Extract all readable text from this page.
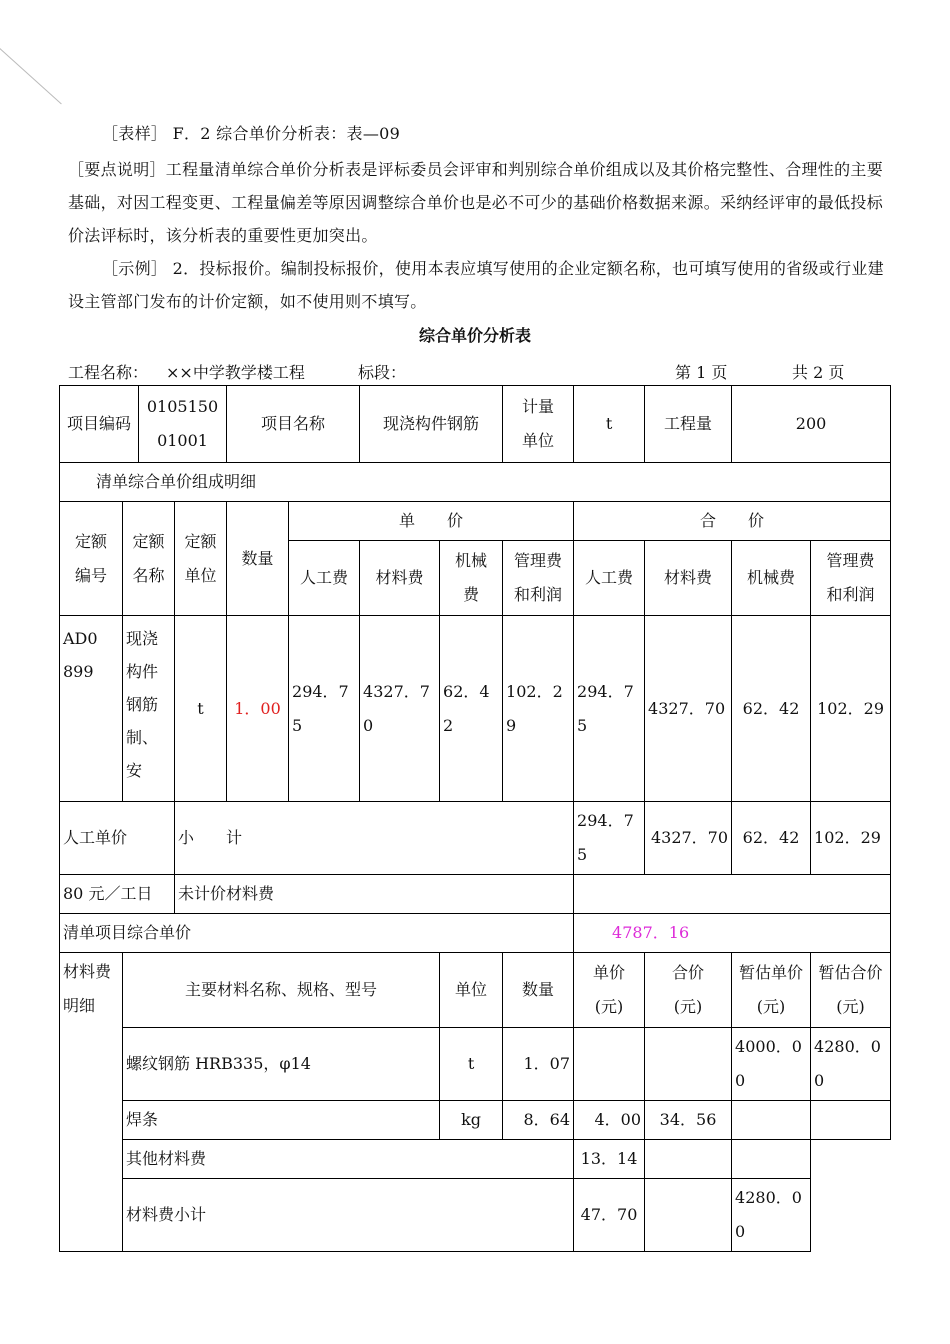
［表样］ F．2 综合单价分析表：表—09
［要点说明］工程量清单综合单价分析表是评标委员会评审和判别综合单价组成以及其价格完整性、合理性的主要基础，对因工程变更、工程量偏差等原因调整综合单价也是必不可少的基础价格数据来源。采纳经评审的最低投标价法评标时，该分析表的重要性更加突出。
［示例］ 2．投标报价。编制投标报价，使用本表应填写使用的企业定额名称，也可填写使用的省级或行业建设主管部门发布的计价定额，如不使用则不填写。
综合单价分析表
工程名称： ××中学教学楼工程	标段：	第 1 页	共 2 页
项目编码		010515001001		项目名称		现浇构件钢筋		计量单位	t	工程量	200	
清单综合单价组成明细												
定额编号	定额名称		定额单位	数量	单　　价				合　　价			
					人工费	材料费	机械费	管理费和利润	人工费	材料费	机械费	管理费和利润
AD0899	现浇构件钢筋制、安		t	1．00	294．75	4327．70	62．42	102．29	294．75	4327．70	62．42	102．29
人工单价			小　　计						294．75	4327．70	62．42	102．29
80 元／工日			未计价材料费									
清单项目综合单价									4787．16			
材料费明细	主要材料名称、规格、型号						单位	数量	单价(元)	合价(元)	暂估单价(元)	暂估合价(元)
	螺纹钢筋 HRB335，φ14						t	1．07			4000．00	4280．00
	焊条						kg	8．64	4．00	34．56		
	其他材料费								13．14			
	材料费小计								47．70		4280．00	
